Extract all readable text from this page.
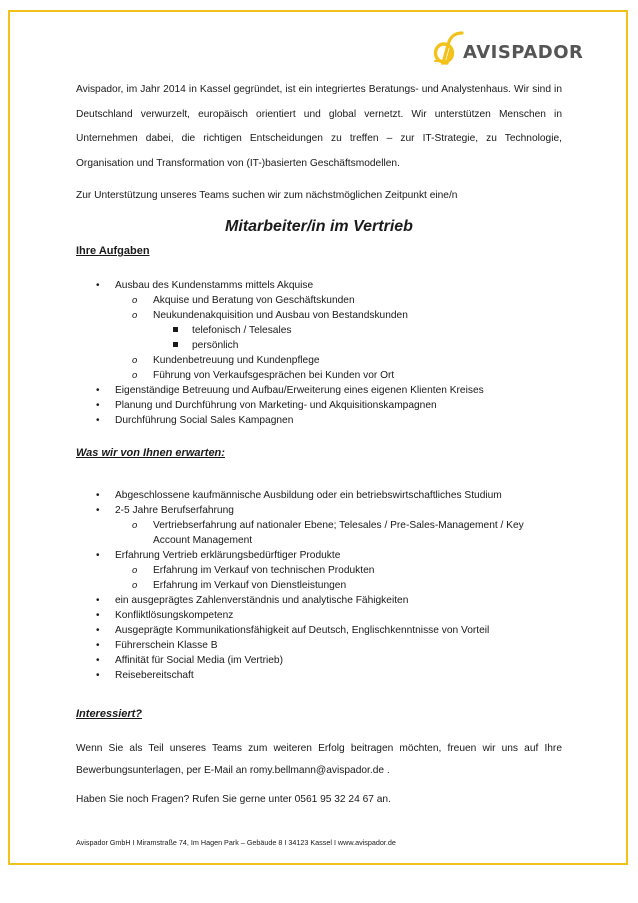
AVISPADOR

Avispador, im Jahr 2014 in Kassel gegründet, ist ein integriertes Beratungs- und Analystenhaus. Wir sind in Deutschland verwurzelt, europäisch orientiert und global vernetzt. Wir unterstützen Menschen in Unternehmen dabei, die richtigen Entscheidungen zu treffen – zur IT-Strategie, zu Technologie, Organisation und Transformation von (IT-)basierten Geschäftsmodellen.

Zur Unterstützung unseres Teams suchen wir zum nächstmöglichen Zeitpunkt eine/n

Mitarbeiter/in im Vertrieb
Ihre Aufgaben
• Ausbau des Kundenstamms mittels Akquise
o Akquise und Beratung von Geschäftskunden
o Neukundenakquisition und Ausbau von Bestandskunden
telefonisch / Telesales
persönlich
o Kundenbetreuung und Kundenpflege
o Führung von Verkaufsgesprächen bei Kunden vor Ort
• Eigenständige Betreuung und Aufbau/Erweiterung eines eigenen Klienten Kreises
• Planung und Durchführung von Marketing- und Akquisitionskampagnen
• Durchführung Social Sales Kampagnen
Was wir von Ihnen erwarten:
• Abgeschlossene kaufmännische Ausbildung oder ein betriebswirtschaftliches Studium
• 2-5 Jahre Berufserfahrung
o Vertriebserfahrung auf nationaler Ebene; Telesales / Pre-Sales-Management / Key Account Management
• Erfahrung Vertrieb erklärungsbedürftiger Produkte
o Erfahrung im Verkauf von technischen Produkten
o Erfahrung im Verkauf von Dienstleistungen
• ein ausgeprägtes Zahlenverständnis und analytische Fähigkeiten
• Konfliktlösungskompetenz
• Ausgeprägte Kommunikationsfähigkeit auf Deutsch, Englischkenntnisse von Vorteil
• Führerschein Klasse B
• Affinität für Social Media (im Vertrieb)
• Reisebereitschaft
Interessiert?

Wenn Sie als Teil unseres Teams zum weiteren Erfolg beitragen möchten, freuen wir uns auf Ihre Bewerbungsunterlagen, per E-Mail an romy.bellmann@avispador.de .

Haben Sie noch Fragen? Rufen Sie gerne unter 0561 95 32 24 67 an.

Avispador GmbH I Miramstraße 74, Im Hagen Park – Gebäude 8 I 34123 Kassel I www.avispador.de
